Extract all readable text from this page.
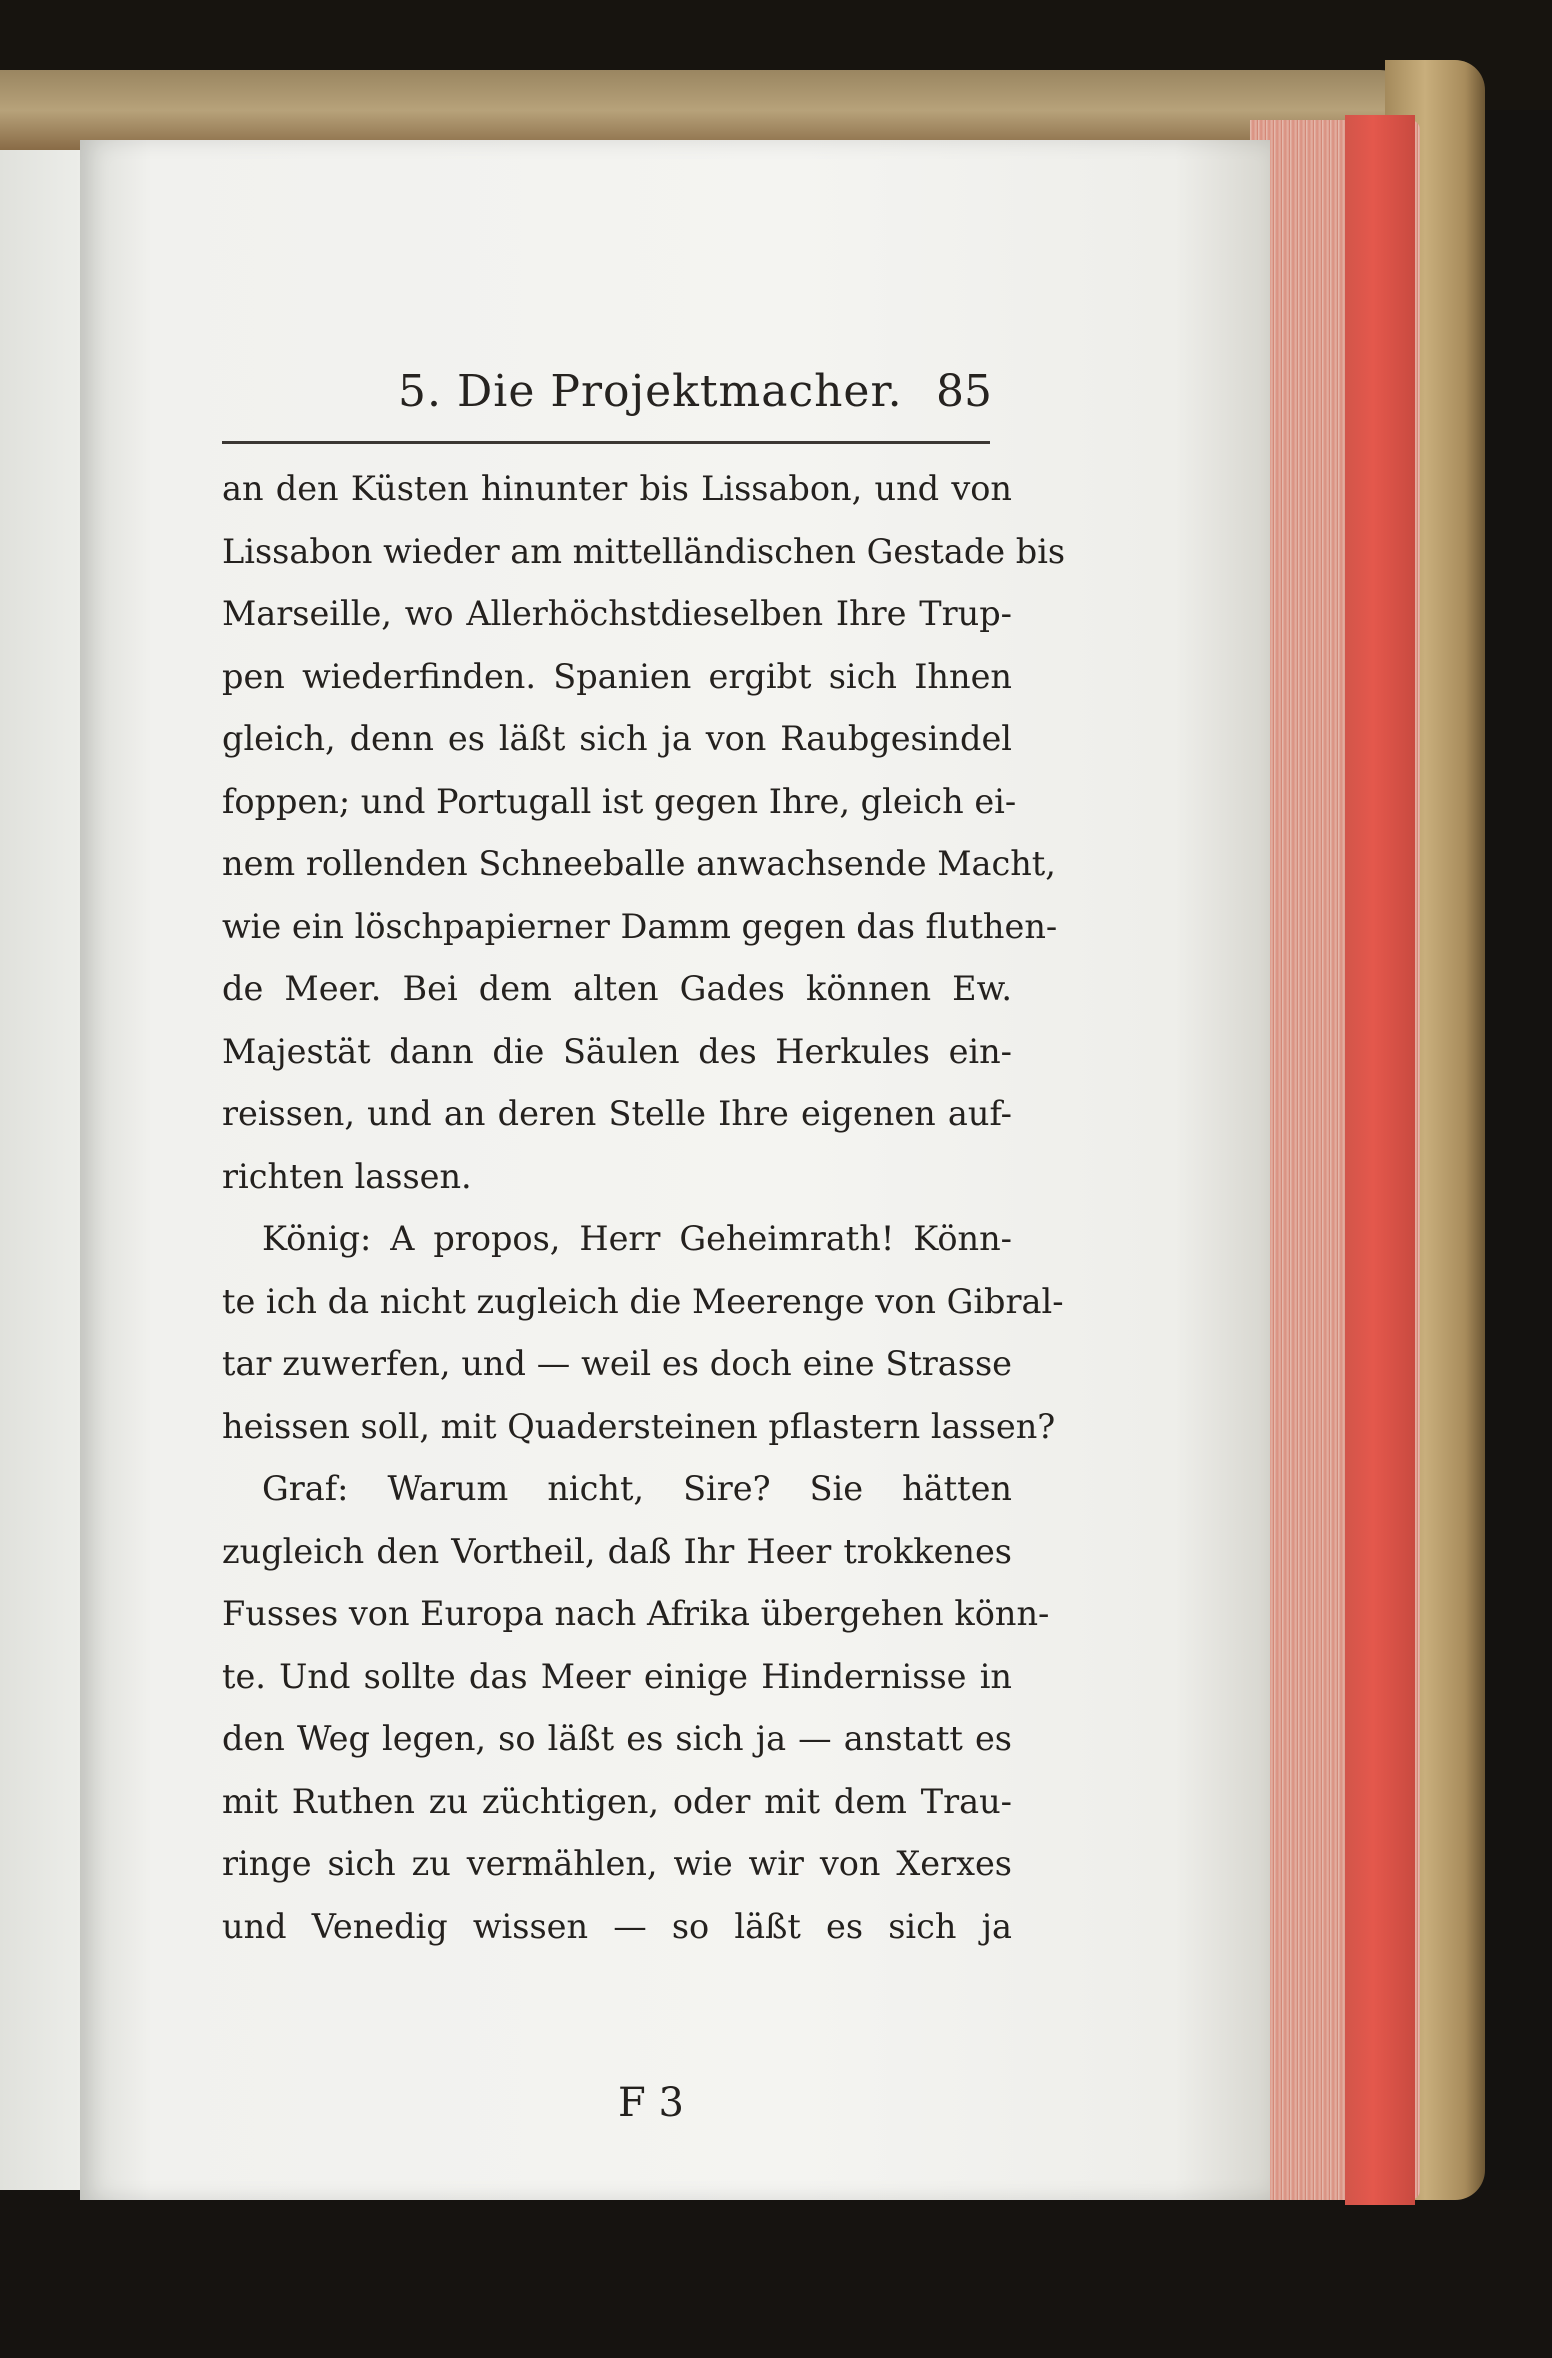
5. Die Projektmacher. 85
an den Küsten hinunter bis Lissabon, und von
Lissabon wieder am mittelländischen Gestade bis
Marseille, wo Allerhöchstdieselben Ihre Trup-
pen wiederfinden. Spanien ergibt sich Ihnen
gleich, denn es läßt sich ja von Raubgesindel
foppen; und Portugall ist gegen Ihre, gleich ei-
nem rollenden Schneeballe anwachsende Macht,
wie ein löschpapierner Damm gegen das fluthen-
de Meer. Bei dem alten Gades können Ew.
Majestät dann die Säulen des Herkules ein-
reissen, und an deren Stelle Ihre eigenen auf-
richten lassen.
König: A propos, Herr Geheimrath! Könn-
te ich da nicht zugleich die Meerenge von Gibral-
tar zuwerfen, und — weil es doch eine Strasse
heissen soll, mit Quadersteinen pflastern lassen?
Graf: Warum nicht, Sire? Sie hätten
zugleich den Vortheil, daß Ihr Heer trokkenes
Fusses von Europa nach Afrika übergehen könn-
te. Und sollte das Meer einige Hindernisse in
den Weg legen, so läßt es sich ja — anstatt es
mit Ruthen zu züchtigen, oder mit dem Trau-
ringe sich zu vermählen, wie wir von Xerxes
und Venedig wissen — so läßt es sich ja
F 3
